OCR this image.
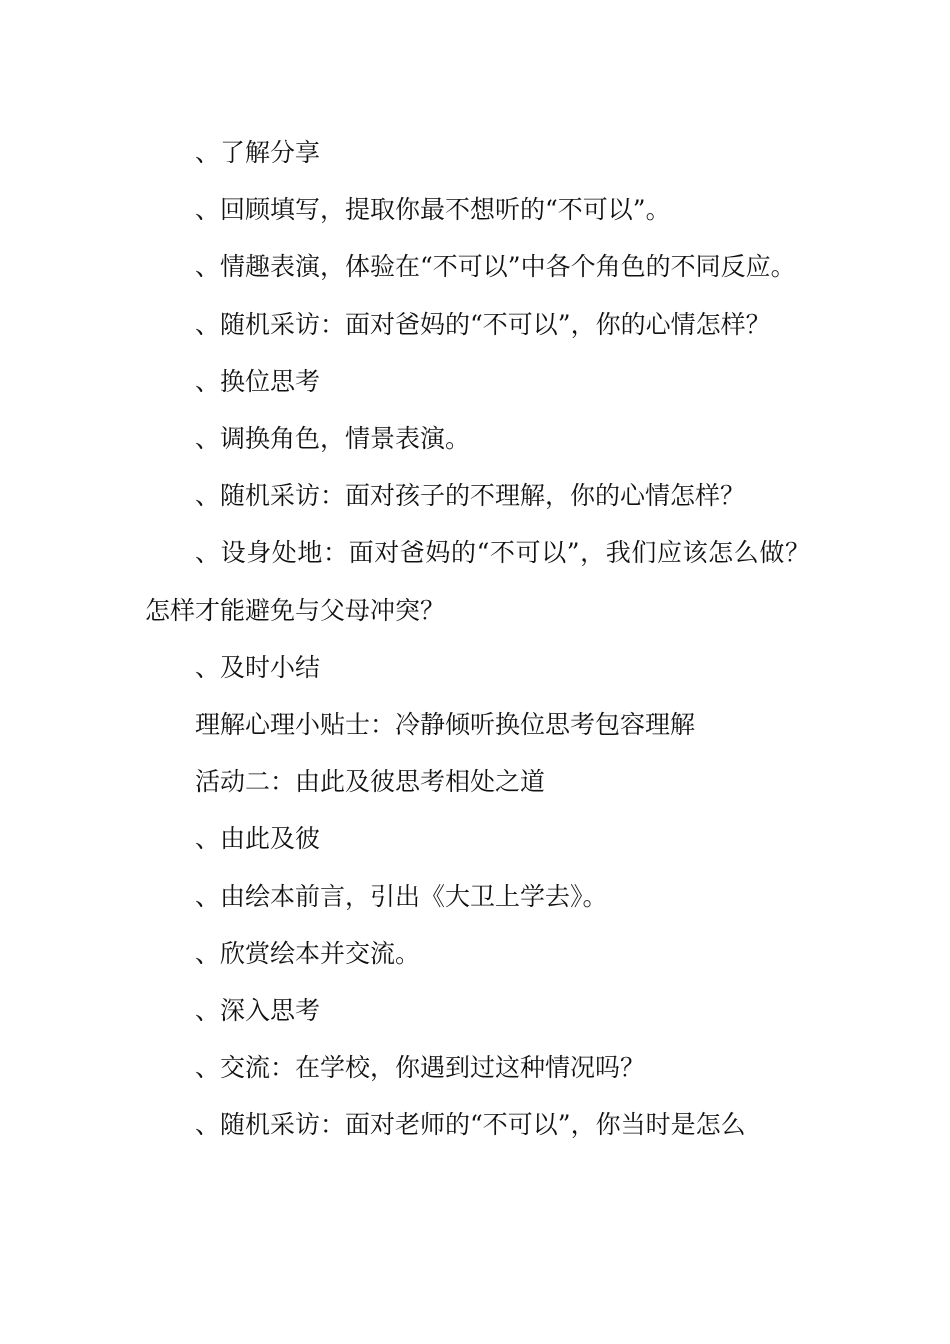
、了解分享

、回顾填写，提取你最不想听的“不可以”。

、情趣表演，体验在“不可以”中各个角色的不同反应。

、随机采访：面对爸妈的“不可以”，你的心情怎样？

、换位思考

、调换角色，情景表演。

、随机采访：面对孩子的不理解，你的心情怎样？

、设身处地：面对爸妈的“不可以”，我们应该怎么做？怎样才能避免与父母冲突？

、及时小结

理解心理小贴士：冷静倾听换位思考包容理解

活动二：由此及彼思考相处之道

、由此及彼

、由绘本前言，引出《大卫上学去》。

、欣赏绘本并交流。

、深入思考

、交流：在学校，你遇到过这种情况吗？

、随机采访：面对老师的“不可以”，你当时是怎么
